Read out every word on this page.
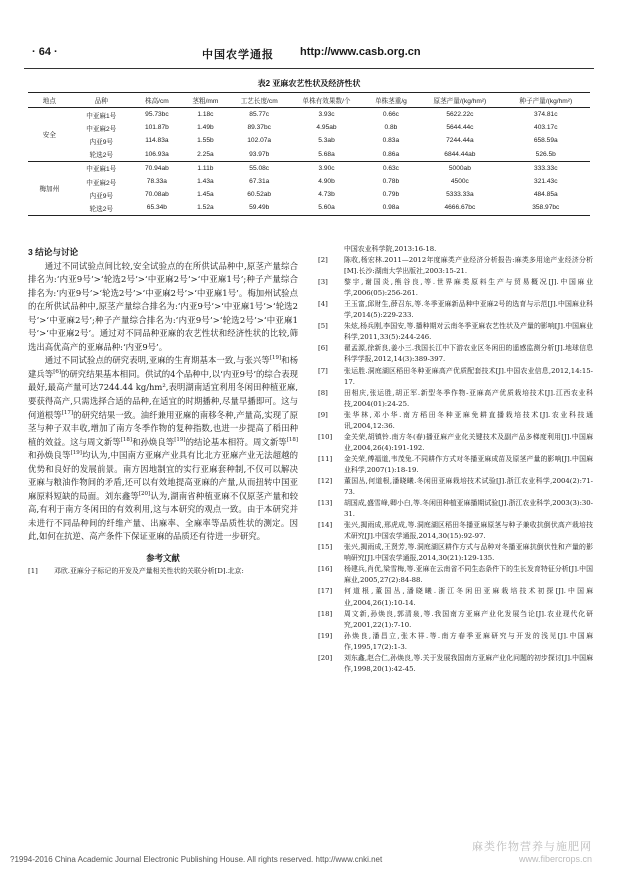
· 64 ·	中国农学通报 http://www.casb.org.cn
表2 亚麻农艺性状及经济性状
地点	品种	株高/cm	茎粗/mm	工艺长度/cm	单株有效果数/个	单株茎重/g	原茎产量/(kg/hm²)	种子产量/(kg/hm²)
安全	中亚麻1号	95.73bc	1.18c	85.77c	3.93c	0.66c	5622.22c	374.81c
	中亚麻2号	101.87b	1.49b	89.37bc	4.95ab	0.8b	5644.44c	403.17c
	内亚9号	114.83a	1.55b	102.07a	5.3ab	0.83a	7244.44a	658.59a
	轮选2号	106.93a	2.25a	93.97b	5.68a	0.86a	6844.44ab	526.5b
梅加州	中亚麻1号	70.94ab	1.11b	55.08c	3.90c	0.63c	5000ab	333.33c
	中亚麻2号	78.33a	1.43a	67.31a	4.90b	0.78b	4500c	321.43c
	内亚9号	70.08ab	1.45a	60.52ab	4.73b	0.79b	5333.33a	484.85a
	轮选2号	65.34b	1.52a	59.49b	5.60a	0.98a	4666.67bc	358.97bc
3 结论与讨论
通过不同试验点间比较,安全试验点的在所供试品种中,原茎产量综合排名为:‘内亚9号’>‘轮选2号’>‘中亚麻2号’>‘中亚麻1号’;种子产量综合排名为:‘内亚9号’>‘轮选2号’>‘中亚麻2号’>‘中亚麻1号’。梅加州试验点的在所供试品种中,原茎产量综合排名为:‘内亚9号’>‘中亚麻1号’>‘轮选2号’>‘中亚麻2号’;种子产量综合排名为:‘内亚9号’>‘轮选2号’>‘中亚麻1号’>‘中亚麻2号’。通过对不同品种亚麻的农艺性状和经济性状的比较,筛选出高优高产的亚麻品种:‘内亚9号’。
通过不同试验点的研究表明,亚麻的生育期基本一致,与张兴等[19]和杨建兵等[6]的研究结果基本相同。供试的4个品种中,以‘内亚9号’的综合表现最好,最高产量可达7244.44 kg/hm²,表明湖南适宜利用冬闲田种植亚麻,要获得高产,只需选择合适的品种,在适宜的时期播种,尽量早播即可。这与何道根等[17]的研究结果一致。油纤兼用亚麻的南移冬种,产量高,实现了原茎与种子双丰收,增加了南方冬季作物的复种指数,也进一步提高了稻田种植的效益。这与周文新等[18]和孙焕良等[19]的结论基本相符。周文新等[18]和孙焕良等[19]均认为,中国南方亚麻产业具有比北方亚麻产业无法超越的优势和良好的发展前景。南方因地制宜的实行亚麻套种制,不仅可以解决亚麻与粮油作物间的矛盾,还可以有效地提高亚麻的产量,从而扭转中国亚麻原料短缺的局面。刘东鑫等[20]认为,湖南省种植亚麻不仅原茎产量和较高,有利于南方冬闲田的有效利用,这与本研究的观点一致。由于本研究并未进行不同品种间的纤维产量、出麻率、全麻率等品质性状的测定。因此,如何在抗逆、高产条件下保证亚麻的品质还有待进一步研究。
参考文献
[1] 邓欣.亚麻分子标记的开发及产量相关性状的关联分析[D].北京:
中国农业科学院,2013:16-18.
[2] 陈收,杨宏林.2011—2012年度麻类产业经济分析报告:麻类多用途产业经济分析[M].长沙:湖南大学出版社,2003:15-21.
[3] 黎宇,谢国炎,熊谷良,等.世界麻类原料生产与贸易概况[J].中国麻业学,2006(05):256-261.
[4] 王玉富,邱财生,薛召东,等.冬季亚麻新品种中亚麻2号的选育与示范[J].中国麻业科学,2014(5):229-233.
[5] 朱炫,杨兵刚,李国安,等.播种期对云南冬季亚麻农艺性状及产量的影响[J].中国麻业科学,2011,33(5):244-246.
[6] 翟孟源,徐新良,姜小三.我国长江中下游农业区冬闲田的遥感监测分析[J].地球信息科学学报,2012,14(3):389-397.
[7] 张运胜.洞庭湖区稻田冬种亚麻高产优质配套技术[J].中国农业信息,2012,14:15-17.
[8] 田相庆,张运胜,胡正军.新型冬季作物-亚麻高产优质栽培技术[J].江西农业科技,2004(01):24-25.
[9] 张华林,邓小华.南方稻田冬种亚麻免耕直播栽培技术[J].农业科技通讯,2004,12:36.
[10] 金关荣,胡镇铃.南方冬(春)播亚麻产业化关键技术及副产品多梯度利用[J].中国麻业,2004,26(4):191-192.
[11] 金关荣,傅福道,韦茂兔.不同耕作方式对冬播亚麻成苗及原茎产量的影响[J].中国麻业科学,2007(1):18-19.
[12] 董国丛,何道根,潘晓曦.冬闲田亚麻栽培技术试验[J].浙江农业科学,2004(2):71-73.
[13] 胡国成,盛雪峰,卿小白,等.冬闲田种植亚麻播期试验[J].浙江农业科学,2003(3):30-31.
[14] 张兴,揭雨成,邢虎成,等.洞庭湖区稻田冬播亚麻原茎与种子兼收抗倒伏高产栽培技术研究[J].中国农学通报,2014,30(15):92-97.
[15] 张兴,揭雨成,王贤芳,等.洞庭湖区耕作方式与品种对冬播亚麻抗倒伏性和产量的影响研究[J].中国农学通报,2014,30(21):129-135.
[16] 杨建兵,肖优,梁雪梅,等.亚麻在云南省不同生态条件下的生长发育特征分析[J].中国麻业,2005,27(2):84-88.
[17] 何道根,董国丛,潘晓曦.浙江冬闲田亚麻栽培技术初探[J].中国麻业,2004,26(1):10-14.
[18] 周文新,孙焕良,郭清泉,等.我国南方亚麻产业化发展刍论[J].农业现代化研究,2001,22(1):7-10.
[19] 孙焕良,潘昌立,张木祥.等.南方春季亚麻研究与开发的浅见[J].中国麻作,1995,17(2):1-3.
[20] 刘东鑫,赵合仁,孙焕良,等.关于发展我国南方亚麻产业化问题的初步探讨[J].中国麻作,1998,20(1):42-45.
麻类作物营养与施肥网
www.fibercrops.cn
?1994-2016 China Academic Journal Electronic Publishing House. All rights reserved. http://www.cnki.net
